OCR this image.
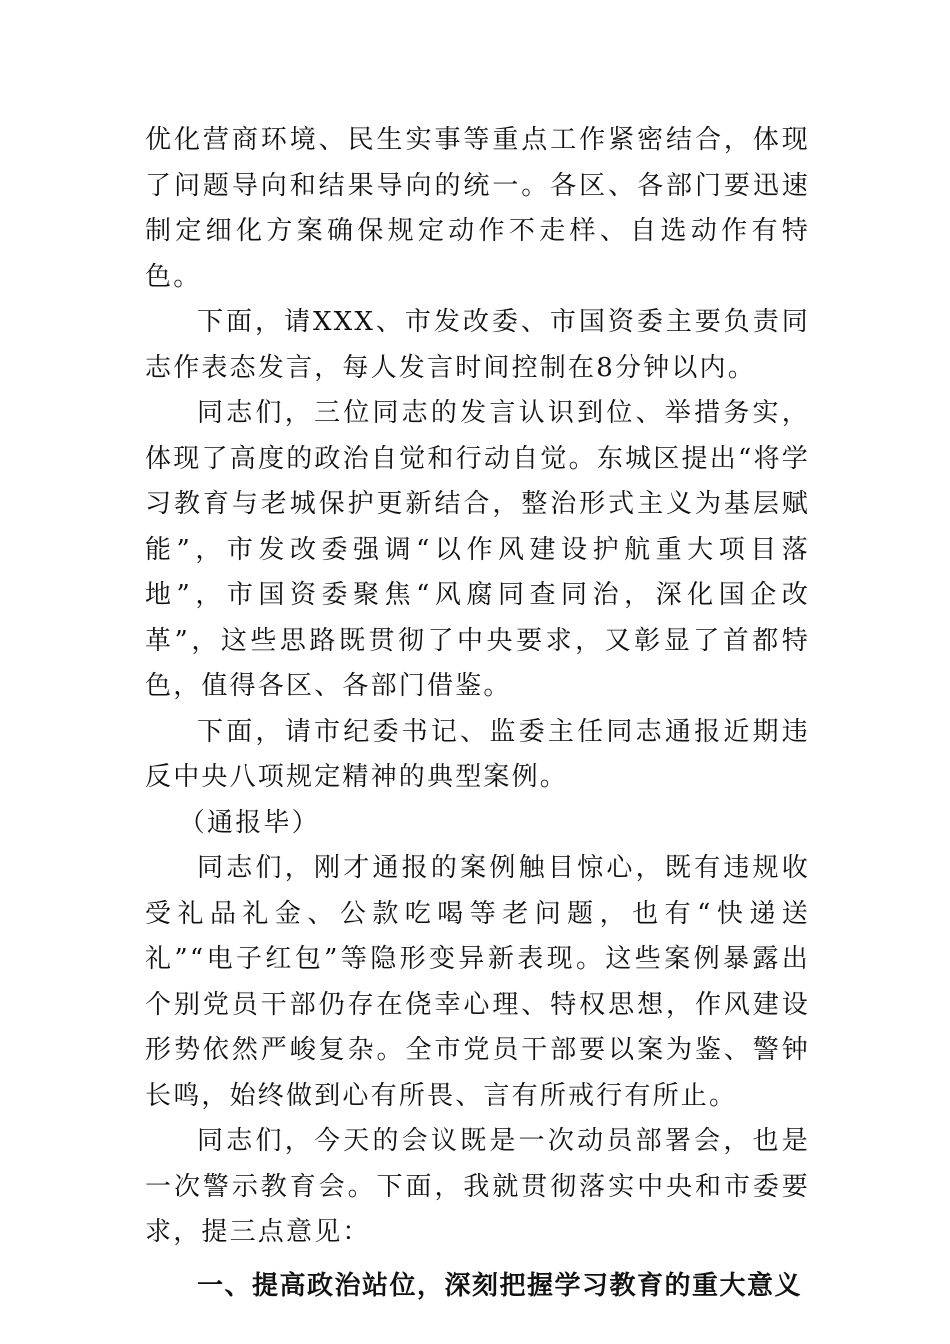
优化营商环境、民生实事等重点工作紧密结合，体现了问题导向和结果导向的统一。各区、各部门要迅速制定细化方案确保规定动作不走样、自选动作有特色。

下面，请XXX、市发改委、市国资委主要负责同志作表态发言，每人发言时间控制在8分钟以内。

同志们，三位同志的发言认识到位、举措务实，体现了高度的政治自觉和行动自觉。东城区提出“将学习教育与老城保护更新结合，整治形式主义为基层赋能”，市发改委强调“以作风建设护航重大项目落地”，市国资委聚焦“风腐同查同治，深化国企改革”，这些思路既贯彻了中央要求，又彰显了首都特色，值得各区、各部门借鉴。

下面，请市纪委书记、监委主任同志通报近期违反中央八项规定精神的典型案例。

（通报毕）

同志们，刚才通报的案例触目惊心，既有违规收受礼品礼金、公款吃喝等老问题，也有“快递送礼”“电子红包”等隐形变异新表现。这些案例暴露出个别党员干部仍存在侥幸心理、特权思想，作风建设形势依然严峻复杂。全市党员干部要以案为鉴、警钟长鸣，始终做到心有所畏、言有所戒行有所止。

同志们，今天的会议既是一次动员部署会，也是一次警示教育会。下面，我就贯彻落实中央和市委要求，提三点意见：

一、提高政治站位，深刻把握学习教育的重大意义
